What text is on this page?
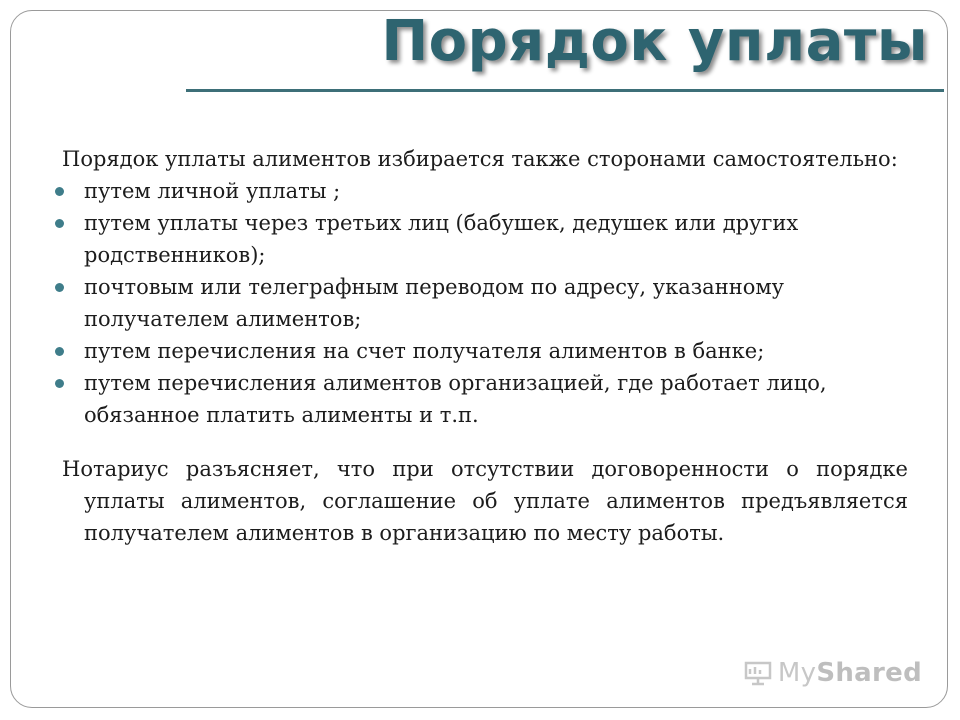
Порядок уплаты

Порядок уплаты алиментов избирается также сторонами самостоятельно:

путем личной уплаты ;
путем уплаты через третьих лиц (бабушек, дедушек или других родственников);
почтовым или телеграфным переводом по адресу, указанному получателем алиментов;
путем перечисления на счет получателя алиментов в банке;
путем перечисления алиментов организацией, где работает лицо, обязанное платить алименты и т.п.

Нотариус разъясняет, что при отсутствии договоренности о порядке уплаты алиментов, соглашение об уплате алиментов предъявляется получателем алиментов в организацию по месту работы.

MyShared
